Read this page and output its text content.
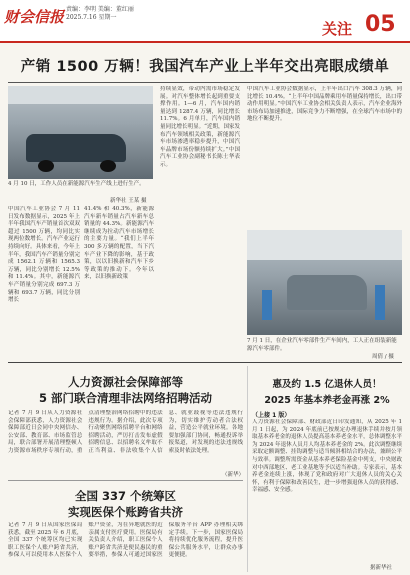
财会信报 责编：李明 美编：董红丽 2025.7.16 星期一
关注 05
产销 1500 万辆！我国汽车产业上半年交出亮眼成绩单
4 月 10 日，工作人员在新能源汽车生产线上进行生产。
新华社 王某 摄
中国汽车工业协会 7 月 11 日发布数据显示，2025 年上半年我国汽车产销量首次双双超过 1500 万辆，均同比实现两位数增长。汽车产业运行持续向好。具体来看，今年上半年，我国汽车产销量分别完成 1562.1 万辆和 1565.3 万辆，同比分别增长 12.5% 和 11.4%。其中，新能源汽车产销量分别完成 697.3 万辆和 693.7 万辆，同比分别增长
41.4% 和 40.3%，新能源汽车新车销量占汽车新车总销量的 44.3%。新能源汽车继续成为拉动汽车市场增长的主要力量。“我们上半年 300 多万辆的配置，当下汽车产业下降的影响，基于政策，以以旧换新和汽车下乡等政策的推动下。今年以来，以旧换新政策
持续显效，带动内需市场稳定发展。对汽车整体增长起到重要支撑作用。1—6 月，汽车国内销量达到 1287.4 万辆，同比增长 11.7%。6 月单月，汽车国内销量同比增长明显。“近期，国家发布汽车领域相关政策，新能源汽车市场渗透率稳步提升，中国汽车品牌市场份额持续扩大。”中国汽车工业协会副秘书长陈士华表示。
中国汽车工业协会数据显示，上半年出口汽车 308.3 万辆，同比增长 10.4%。“上半年中国品牌乘用车销量保持增长，出口带动作用明显。”中国汽车工业协会相关负责人表示，汽车企业海外市场布局加速推进，国际竞争力不断增强，在全球汽车市场中的地位不断提升。
7 月 1 日，在企业汽车零部件生产车间内，工人正在组装新能源汽车零部件。
周倩 / 摄
人力资源社会保障部等
5 部门联合清理非法网络招聘活动
记者 7 月 9 日从人力资源社会保障部获悉，人力资源社会保障部近日会同中央网信办、公安部、教育部、市场监管总局，联合部署开展清理整顿人力资源市场秩序专项行动，重点清理整治网络招聘中的违法违规行为。据介绍，此次专项行动聚焦网络招聘平台和网络招聘活动，严厉打击发布虚假招聘信息、以招聘名义牟取不正当利益、非法收集个人信息、就业歧视等违法违规行为，切实维护劳动者合法权益，营造公平就业环境。各地要加强部门协同，畅通投诉举报渠道，对发现的违法违规线索及时依法处理。
（新华）
全国 337 个统筹区
实现医保个账跨省共济
记者 7 月 9 日从国家医保局获悉，截至 2025 年 6 月底，全国 337 个统筹区均已实现职工医保个人账户跨省共济，参保人可以使用本人医保个人账户资金，为在异地就医的近亲属支付医疗费用。医保局有关负责人介绍，职工医保个人账户跨省共济是便民惠民的重要举措，参保人可通过国家医保服务平台 APP 办理相关绑定手续。下一步，国家医保局将持续优化服务流程，提升医保公共服务水平，让群众办事更便捷。
惠及约 1.5 亿退休人员！
2025 年基本养老金再涨 2%
（上接 1 版）
人力资源社会保障部、财政部近日印发通知，从 2025 年 1 月 1 日起，为 2024 年底前已按规定办理退休手续并按月领取基本养老金的退休人员提高基本养老金水平，总体调整水平为 2024 年退休人员月人均基本养老金的 2%。此次调整继续采取定额调整、挂钩调整与适当倾斜相结合的办法，兼顾公平与效率。调整所需资金从基本养老保险基金中列支，中央财政对中西部地区、老工业基地等予以适当补助。专家表示，基本养老金连续上涨，体现了党和政府对广大退休人员的关心关怀，有利于保障和改善民生，进一步增强退休人员的获得感、幸福感、安全感。
据新华社
